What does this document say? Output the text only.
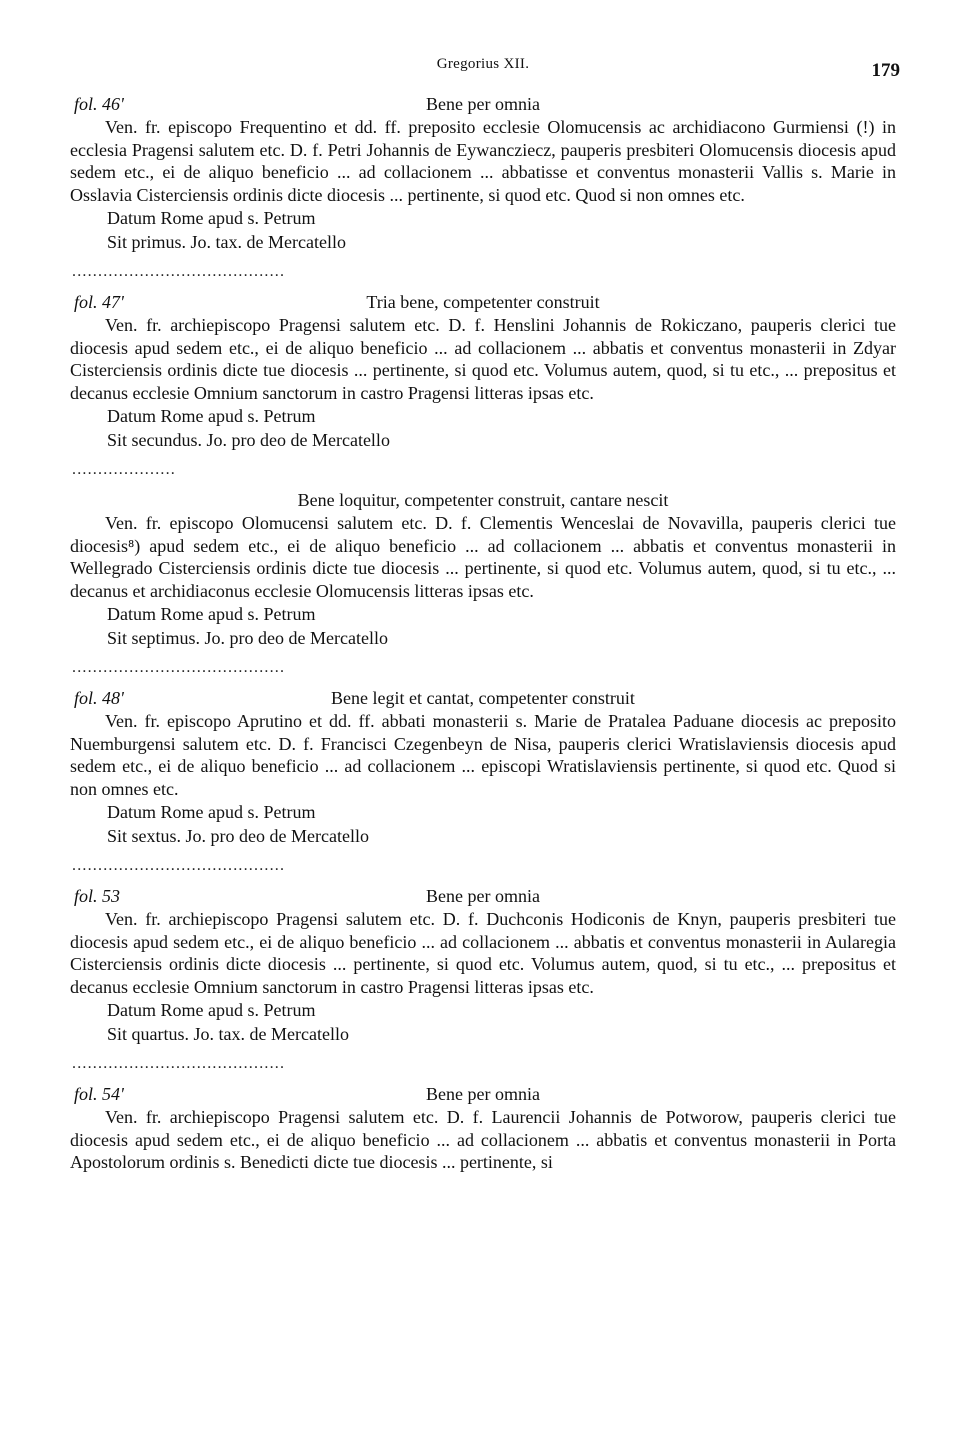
Gregorius XII.	179
fol. 46'	Bene per omnia

Ven. fr. episcopo Frequentino et dd. ff. preposito ecclesie Olomucensis ac archidiacono Gurmiensi (!) in ecclesia Pragensi salutem etc. D. f. Petri Johannis de Eywancziecz, pauperis presbiteri Olomucensis diocesis apud sedem etc., ei de aliquo beneficio ... ad collacionem ... abbatisse et conventus monasterii Vallis s. Marie in Osslavia Cisterciensis ordinis dicte diocesis ... pertinente, si quod etc. Quod si non omnes etc.

Datum Rome apud s. Petrum

Sit primus. Jo. tax. de Mercatello

.........................................
fol. 47'	Tria bene, competenter construit

Ven. fr. archiepiscopo Pragensi salutem etc. D. f. Henslini Johannis de Rokiczano, pauperis clerici tue diocesis apud sedem etc., ei de aliquo beneficio ... ad collacionem ... abbatis et conventus monasterii in Zdyar Cisterciensis ordinis dicte tue diocesis ... pertinente, si quod etc. Volumus autem, quod, si tu etc., ... prepositus et decanus ecclesie Omnium sanctorum in castro Pragensi litteras ipsas etc.

Datum Rome apud s. Petrum

Sit secundus. Jo. pro deo de Mercatello

....................
Bene loquitur, competenter construit, cantare nescit

Ven. fr. episcopo Olomucensi salutem etc. D. f. Clementis Wenceslai de Novavilla, pauperis clerici tue diocesis⁸) apud sedem etc., ei de aliquo beneficio ... ad collacionem ... abbatis et conventus monasterii in Wellegrado Cisterciensis ordinis dicte tue diocesis ... pertinente, si quod etc. Volumus autem, quod, si tu etc., ... decanus et archidiaconus ecclesie Olomucensis litteras ipsas etc.

Datum Rome apud s. Petrum

Sit septimus. Jo. pro deo de Mercatello

.........................................
fol. 48'	Bene legit et cantat, competenter construit

Ven. fr. episcopo Aprutino et dd. ff. abbati monasterii s. Marie de Pratalea Paduane diocesis ac preposito Nuemburgensi salutem etc. D. f. Francisci Czegenbeyn de Nisa, pauperis clerici Wratislaviensis diocesis apud sedem etc., ei de aliquo beneficio ... ad collacionem ... episcopi Wratislaviensis pertinente, si quod etc. Quod si non omnes etc.

Datum Rome apud s. Petrum

Sit sextus. Jo. pro deo de Mercatello

.........................................
fol. 53	Bene per omnia

Ven. fr. archiepiscopo Pragensi salutem etc. D. f. Duchconis Hodiconis de Knyn, pauperis presbiteri tue diocesis apud sedem etc., ei de aliquo beneficio ... ad collacionem ... abbatis et conventus monasterii in Aularegia Cisterciensis ordinis dicte diocesis ... pertinente, si quod etc. Volumus autem, quod, si tu etc., ... prepositus et decanus ecclesie Omnium sanctorum in castro Pragensi litteras ipsas etc.

Datum Rome apud s. Petrum

Sit quartus. Jo. tax. de Mercatello

.........................................
fol. 54'	Bene per omnia

Ven. fr. archiepiscopo Pragensi salutem etc. D. f. Laurencii Johannis de Potworow, pauperis clerici tue diocesis apud sedem etc., ei de aliquo beneficio ... ad collacionem ... abbatis et conventus monasterii in Porta Apostolorum ordinis s. Benedicti dicte tue diocesis ... pertinente, si
